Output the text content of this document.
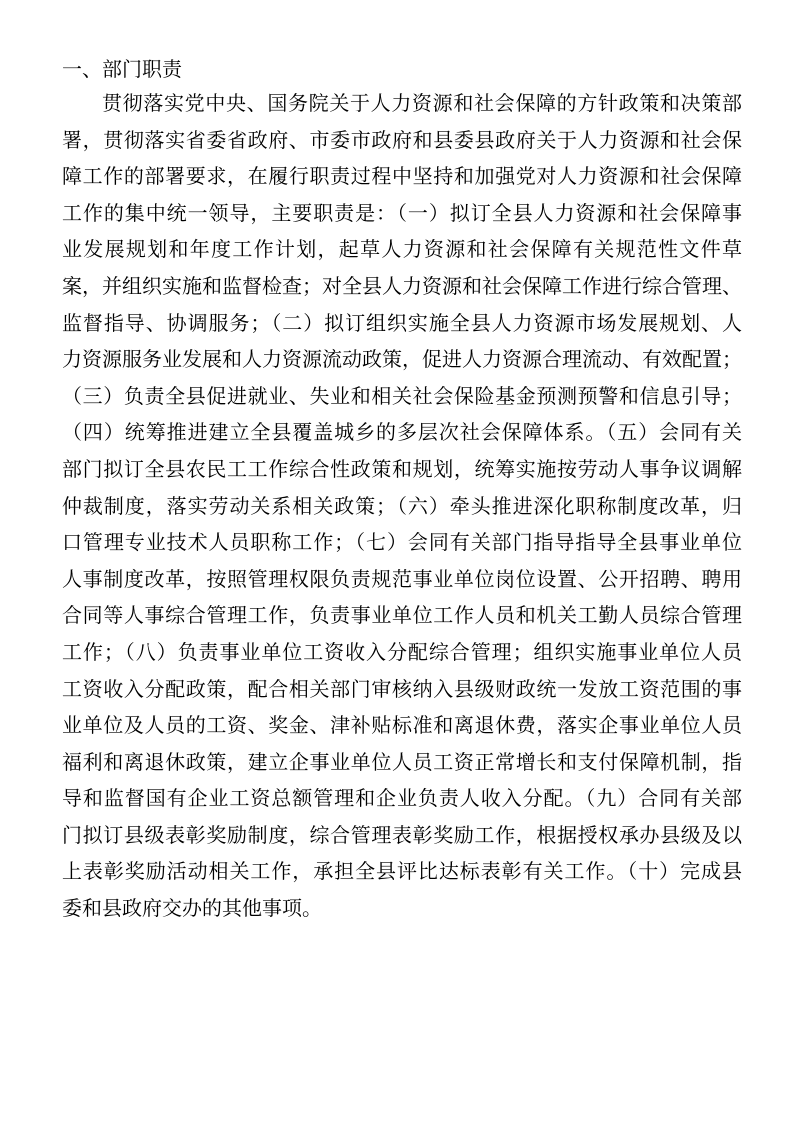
一、部门职责
贯彻落实党中央、国务院关于人力资源和社会保障的方针政策和决策部
署，贯彻落实省委省政府、市委市政府和县委县政府关于人力资源和社会保
障工作的部署要求，在履行职责过程中坚持和加强党对人力资源和社会保障
工作的集中统一领导，主要职责是：（一）拟订全县人力资源和社会保障事
业发展规划和年度工作计划，起草人力资源和社会保障有关规范性文件草
案，并组织实施和监督检查；对全县人力资源和社会保障工作进行综合管理、
监督指导、协调服务；（二）拟订组织实施全县人力资源市场发展规划、人
力资源服务业发展和人力资源流动政策，促进人力资源合理流动、有效配置；
（三）负责全县促进就业、失业和相关社会保险基金预测预警和信息引导；
（四）统筹推进建立全县覆盖城乡的多层次社会保障体系。（五）会同有关
部门拟订全县农民工工作综合性政策和规划，统筹实施按劳动人事争议调解
仲裁制度，落实劳动关系相关政策；（六）牵头推进深化职称制度改革，归
口管理专业技术人员职称工作；（七）会同有关部门指导指导全县事业单位
人事制度改革，按照管理权限负责规范事业单位岗位设置、公开招聘、聘用
合同等人事综合管理工作，负责事业单位工作人员和机关工勤人员综合管理
工作；（八）负责事业单位工资收入分配综合管理；组织实施事业单位人员
工资收入分配政策，配合相关部门审核纳入县级财政统一发放工资范围的事
业单位及人员的工资、奖金、津补贴标准和离退休费，落实企事业单位人员
福利和离退休政策，建立企事业单位人员工资正常增长和支付保障机制，指
导和监督国有企业工资总额管理和企业负责人收入分配。（九）合同有关部
门拟订县级表彰奖励制度，综合管理表彰奖励工作，根据授权承办县级及以
上表彰奖励活动相关工作，承担全县评比达标表彰有关工作。（十）完成县
委和县政府交办的其他事项。
